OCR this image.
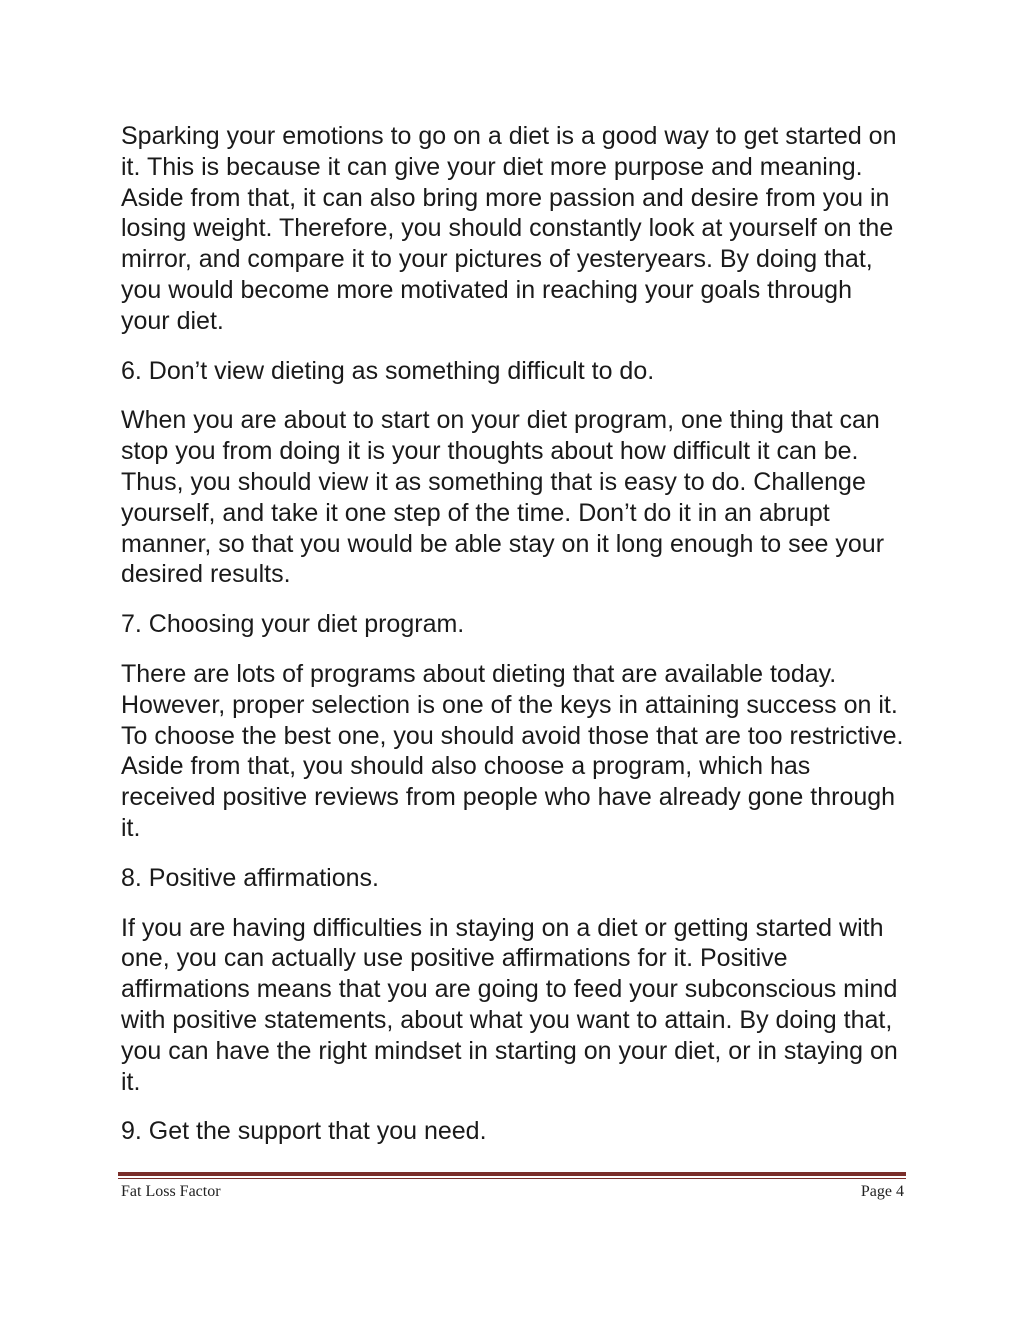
Sparking your emotions to go on a diet is a good way to get started on it. This is because it can give your diet more purpose and meaning. Aside from that, it can also bring more passion and desire from you in losing weight. Therefore, you should constantly look at yourself on the mirror, and compare it to your pictures of yesteryears. By doing that, you would become more motivated in reaching your goals through your diet.

6. Don’t view dieting as something difficult to do.

When you are about to start on your diet program, one thing that can stop you from doing it is your thoughts about how difficult it can be. Thus, you should view it as something that is easy to do. Challenge yourself, and take it one step of the time. Don’t do it in an abrupt manner, so that you would be able stay on it long enough to see your desired results.

7. Choosing your diet program.

There are lots of programs about dieting that are available today. However, proper selection is one of the keys in attaining success on it. To choose the best one, you should avoid those that are too restrictive. Aside from that, you should also choose a program, which has received positive reviews from people who have already gone through it.

8. Positive affirmations.

If you are having difficulties in staying on a diet or getting started with one, you can actually use positive affirmations for it. Positive affirmations means that you are going to feed your subconscious mind with positive statements, about what you want to attain. By doing that, you can have the right mindset in starting on your diet, or in staying on it.

9. Get the support that you need.

Fat Loss Factor	Page 4
